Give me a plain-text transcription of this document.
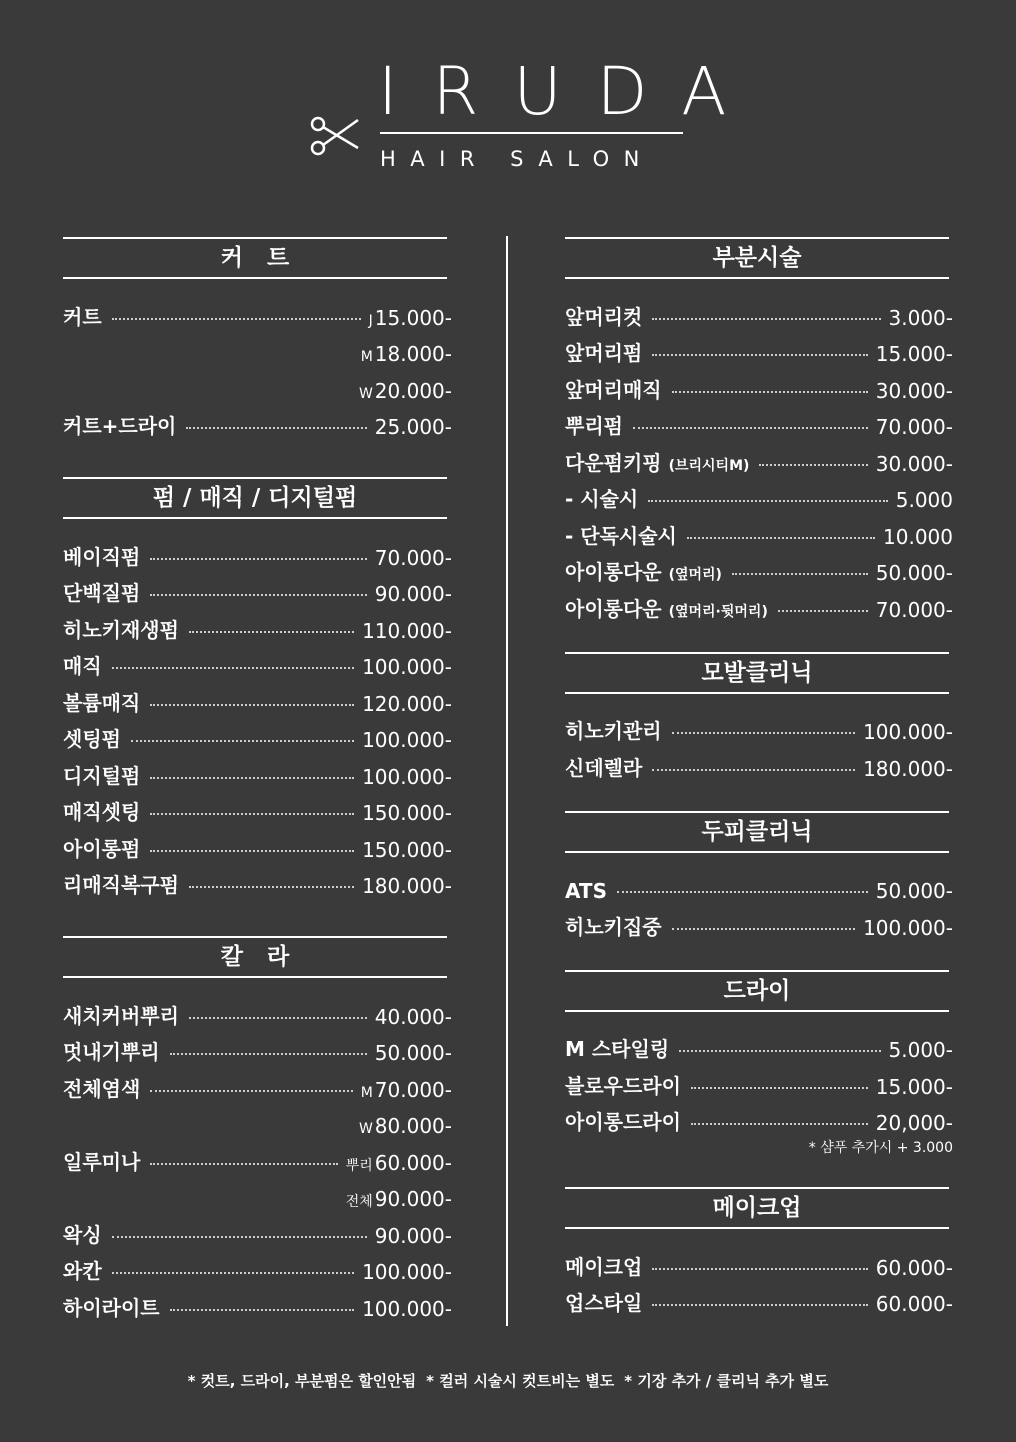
IRUDA
HAIR SALON
커트
커트	J 15.000-
M 18.000-
W 20.000-
커트+드라이	25.000-
펌 / 매직 / 디지털펌
베이직펌	70.000-
단백질펌	90.000-
히노키재생펌	110.000-
매직	100.000-
볼륨매직	120.000-
셋팅펌	100.000-
디지털펌	100.000-
매직셋팅	150.000-
아이롱펌	150.000-
리매직복구펌	180.000-
칼라
새치커버뿌리	40.000-
멋내기뿌리	50.000-
전체염색	M 70.000-
W 80.000-
일루미나	뿌리 60.000-
전체 90.000-
왁싱	90.000-
와칸	100.000-
하이라이트	100.000-
부분시술
앞머리컷	3.000-
앞머리펌	15.000-
앞머리매직	30.000-
뿌리펌	70.000-
다운펌키핑 (브리시티M)	30.000-
- 시술시	5.000
- 단독시술시	10.000
아이롱다운 (옆머리)	50.000-
아이롱다운 (옆머리·뒷머리)	70.000-
모발클리닉
히노키관리	100.000-
신데렐라	180.000-
두피클리닉
ATS	50.000-
히노키집중	100.000-
드라이
M 스타일링	5.000-
블로우드라이	15.000-
아이롱드라이	20,000-
* 샴푸 추가시 + 3.000
메이크업
메이크업	60.000-
업스타일	60.000-
* 컷트, 드라이, 부분펌은 할인안됨 * 컬러 시술시 컷트비는 별도 * 기장 추가 / 클리닉 추가 별도
